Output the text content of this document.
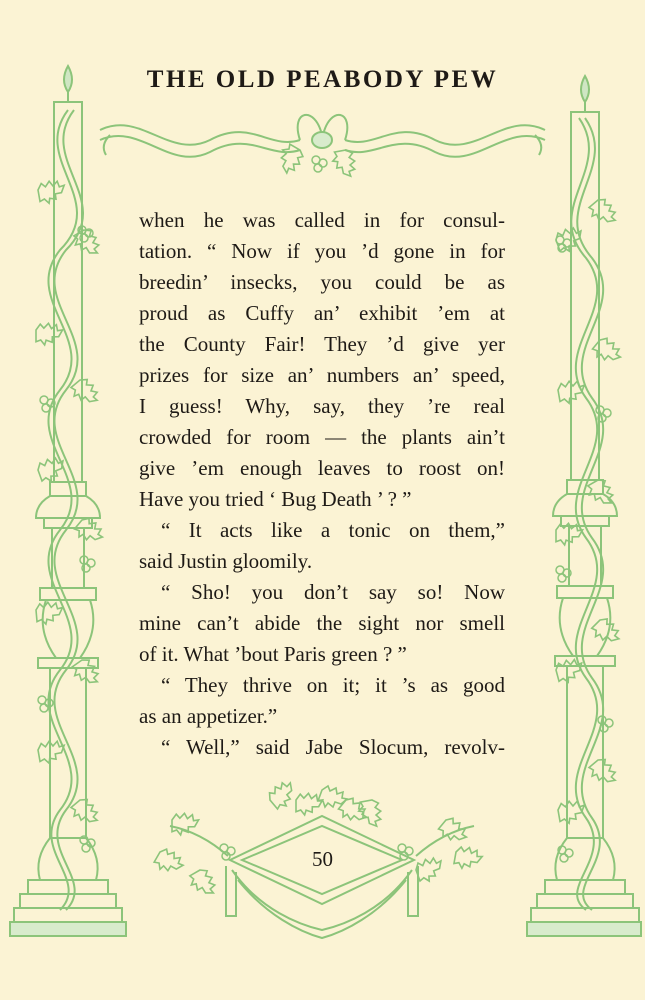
THE OLD PEABODY PEW
when he was called in for consul-
tation. “ Now if you ’d gone in for
breedin’ insecks, you could be as
proud as Cuffy an’ exhibit ’em at
the County Fair! They ’d give yer
prizes for size an’ numbers an’ speed,
I guess! Why, say, they ’re real
crowded for room — the plants ain’t
give ’em enough leaves to roost on!
Have you tried ‘ Bug Death ’ ? ”
“ It acts like a tonic on them,”
said Justin gloomily.
“ Sho! you don’t say so! Now
mine can’t abide the sight nor smell
of it. What ’bout Paris green ? ”
“ They thrive on it; it ’s as good
as an appetizer.”
“ Well,” said Jabe Slocum, revolv-
50
